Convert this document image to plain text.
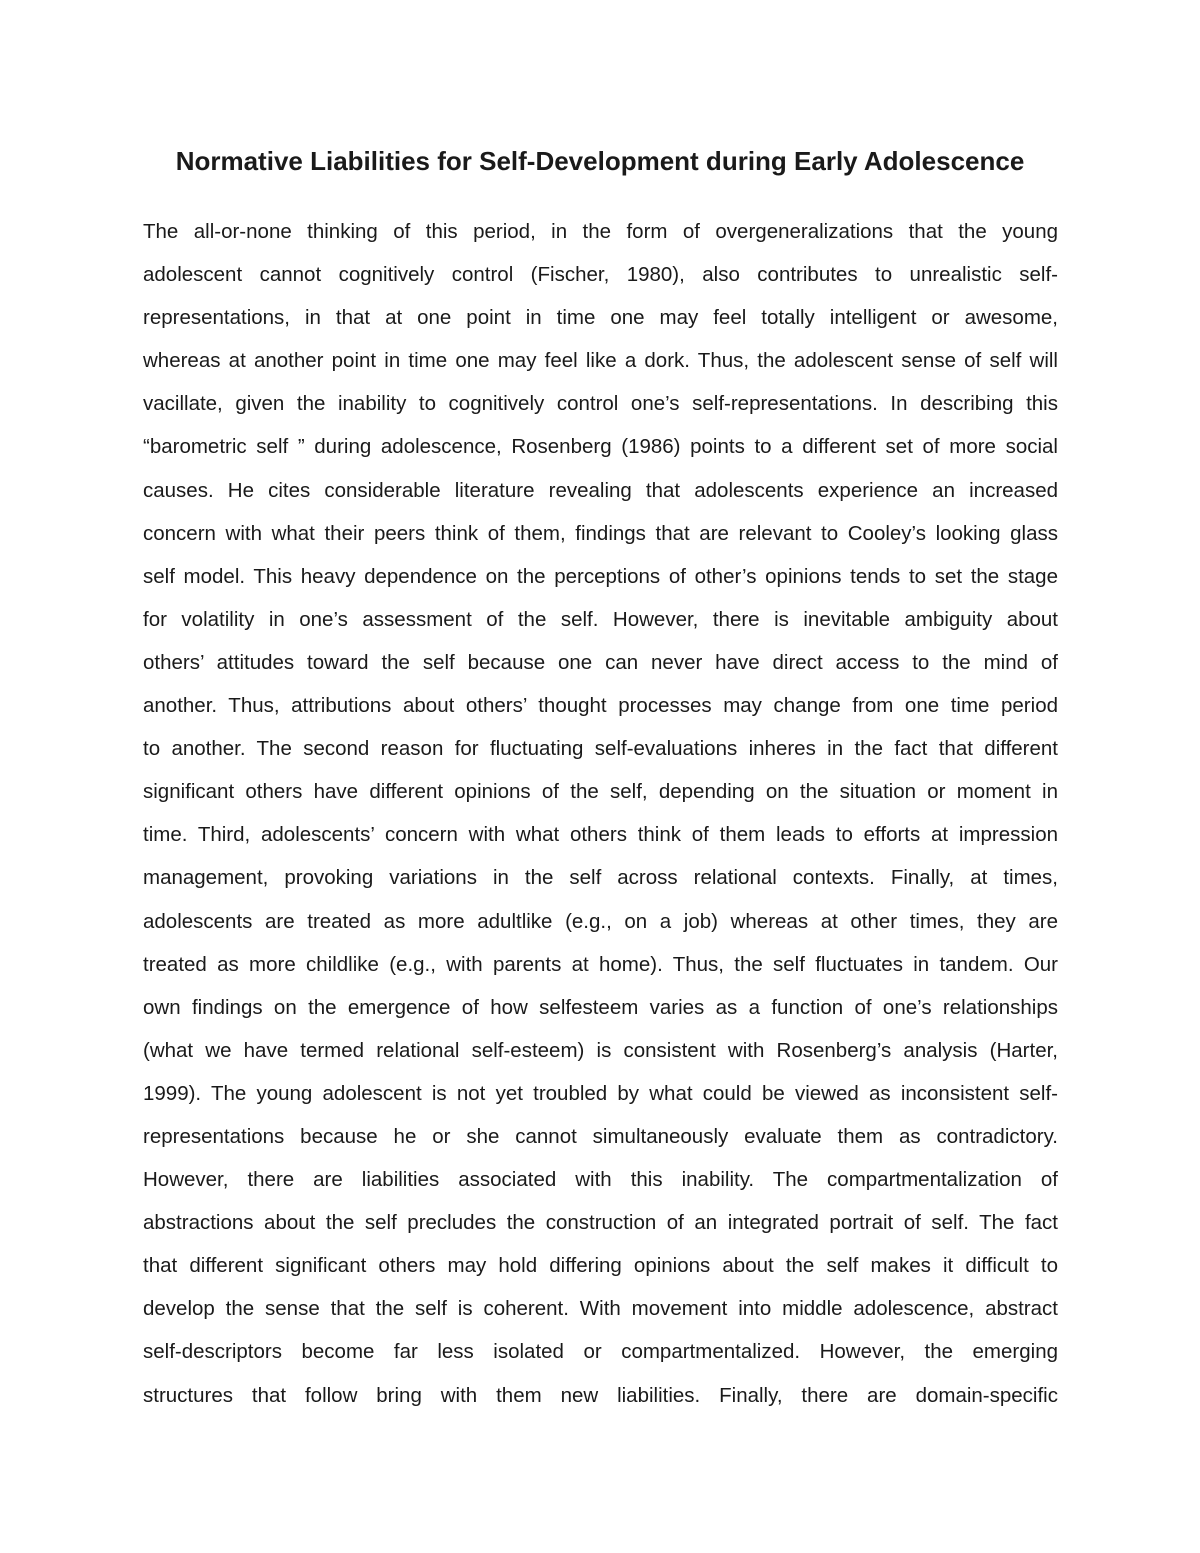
Normative Liabilities for Self-Development during Early Adolescence
The all-or-none thinking of this period, in the form of overgeneralizations that the young
adolescent cannot cognitively control (Fischer, 1980), also contributes to unrealistic self-
representations, in that at one point in time one may feel totally intelligent or awesome,
whereas at another point in time one may feel like a dork. Thus, the adolescent sense of self will
vacillate, given the inability to cognitively control one’s self-representations. In describing this
“barometric self ” during adolescence, Rosenberg (1986) points to a different set of more social
causes. He cites considerable literature revealing that adolescents experience an increased
concern with what their peers think of them, findings that are relevant to Cooley’s looking glass
self model. This heavy dependence on the perceptions of other’s opinions tends to set the stage
for volatility in one’s assessment of the self. However, there is inevitable ambiguity about
others’ attitudes toward the self because one can never have direct access to the mind of
another. Thus, attributions about others’ thought processes may change from one time period
to another. The second reason for fluctuating self-evaluations inheres in the fact that different
significant others have different opinions of the self, depending on the situation or moment in
time. Third, adolescents’ concern with what others think of them leads to efforts at impression
management, provoking variations in the self across relational contexts. Finally, at times,
adolescents are treated as more adultlike (e.g., on a job) whereas at other times, they are
treated as more childlike (e.g., with parents at home). Thus, the self fluctuates in tandem. Our
own findings on the emergence of how selfesteem varies as a function of one’s relationships
(what we have termed relational self-esteem) is consistent with Rosenberg’s analysis (Harter,
1999). The young adolescent is not yet troubled by what could be viewed as inconsistent self-
representations because he or she cannot simultaneously evaluate them as contradictory.
However, there are liabilities associated with this inability. The compartmentalization of
abstractions about the self precludes the construction of an integrated portrait of self. The fact
that different significant others may hold differing opinions about the self makes it difficult to
develop the sense that the self is coherent. With movement into middle adolescence, abstract
self-descriptors become far less isolated or compartmentalized. However, the emerging
structures that follow bring with them new liabilities. Finally, there are domain-specific
